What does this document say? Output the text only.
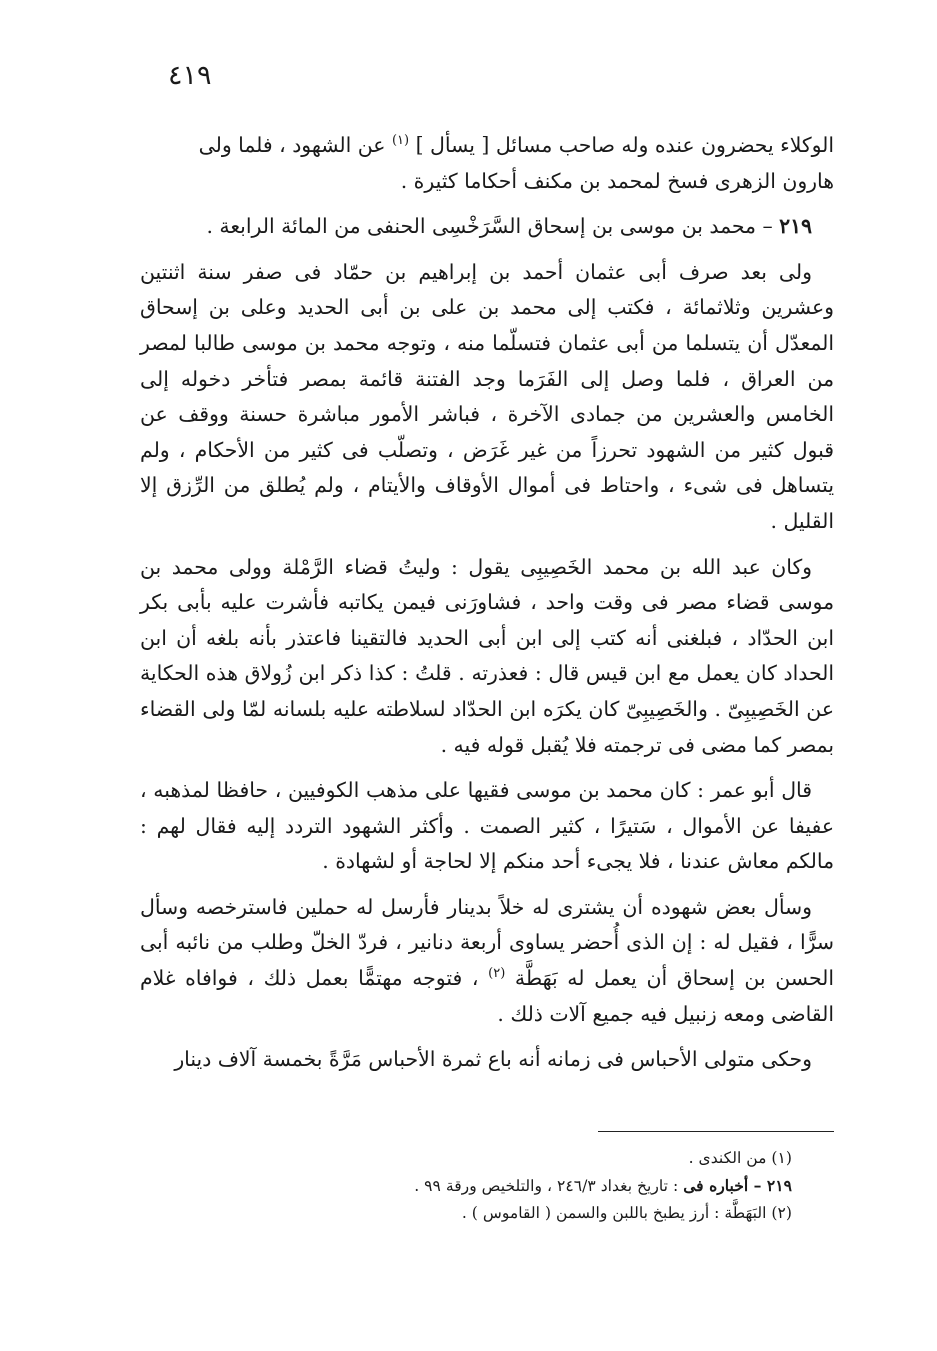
٤١٩

الوكلاء يحضرون عنده وله صاحب مسائل [ يسأل ] $^{(١)}$ عن الشهود ، فلما ولى
هارون الزهرى فسخ لمحمد بن مكنف أحكاما كثيرة .

٢١٩ – محمد بن موسى بن إسحاق السَّرَخْسِى الحنفى من المائة الرابعة .

ولى بعد صرف أبى عثمان أحمد بن إبراهيم بن حمّاد فى صفر سنة اثنتين وعشرين وثلاثمائة ، فكتب إلى محمد بن على بن أبى الحديد وعلى بن إسحاق المعدّل أن يتسلما من أبى عثمان فتسلّما منه ، وتوجه محمد بن موسى طالبا لمصر من العراق ، فلما وصل إلى الفَرَما وجد الفتنة قائمة بمصر فتأخر دخوله إلى الخامس والعشرين من جمادى الآخرة ، فباشر الأمور مباشرة حسنة ووقف عن قبول كثير من الشهود تحرزاً من غير غَرَض ، وتصلّب فى كثير من الأحكام ، ولم يتساهل فى شىء ، واحتاط فى أموال الأوقاف والأيتام ، ولم يُطلق من الرِّزق إلا القليل .

وكان عبد الله بن محمد الخَصِيبِى يقول : وليتُ قضاء الرَّمْلة وولى محمد بن موسى قضاء مصر فى وقت واحد ، فشاورَنى فيمن يكاتبه فأشرت عليه بأبى بكر ابن الحدّاد ، فبلغنى أنه كتب إلى ابن أبى الحديد فالتقينا فاعتذر بأنه بلغه أن ابن الحداد كان يعمل مع ابن قيس قال : فعذرته . قلتُ : كذا ذكر ابن زُولاق هذه الحكاية عن الخَصِيبِىّ . والخَصِيبِىّ كان يكرَه ابن الحدّاد لسلاطته عليه بلسانه لمّا ولى القضاء بمصر كما مضى فى ترجمته فلا يُقبل قوله فيه .

قال أبو عمر : كان محمد بن موسى فقيها على مذهب الكوفيين ، حافظا لمذهبه ، عفيفا عن الأموال ، سَتيرًا ، كثير الصمت . وأكثر الشهود التردد إليه فقال لهم : مالكم معاش عندنا ، فلا يجىء أحد منكم إلا لحاجة أو لشهادة .

وسأل بعض شهوده أن يشترى له خلاً بدينار فأرسل له حملين فاسترخصه وسأل سرًّا ، فقيل له : إن الذى أُحضر يساوى أربعة دنانير ، فردّ الخلّ وطلب من نائبه أبى الحسن بن إسحاق أن يعمل له بَهَطَّة $^{(٢)}$ ، فتوجه مهتمًّا بعمل ذلك ، فوافاه غلام القاضى ومعه زنبيل فيه جميع آلات ذلك .

وحكى متولى الأحباس فى زمانه أنه باع ثمرة الأحباس مَرَّةً بخمسة آلاف دينار

(١) من الكندى .

٢١٩ – أخباره فى : تاريخ بغداد ٢٤٦/٣ ، والتلخيص ورقة ٩٩ .

(٢) البَهَطَّة : أرز يطبخ باللبن والسمن ( القاموس ) .
